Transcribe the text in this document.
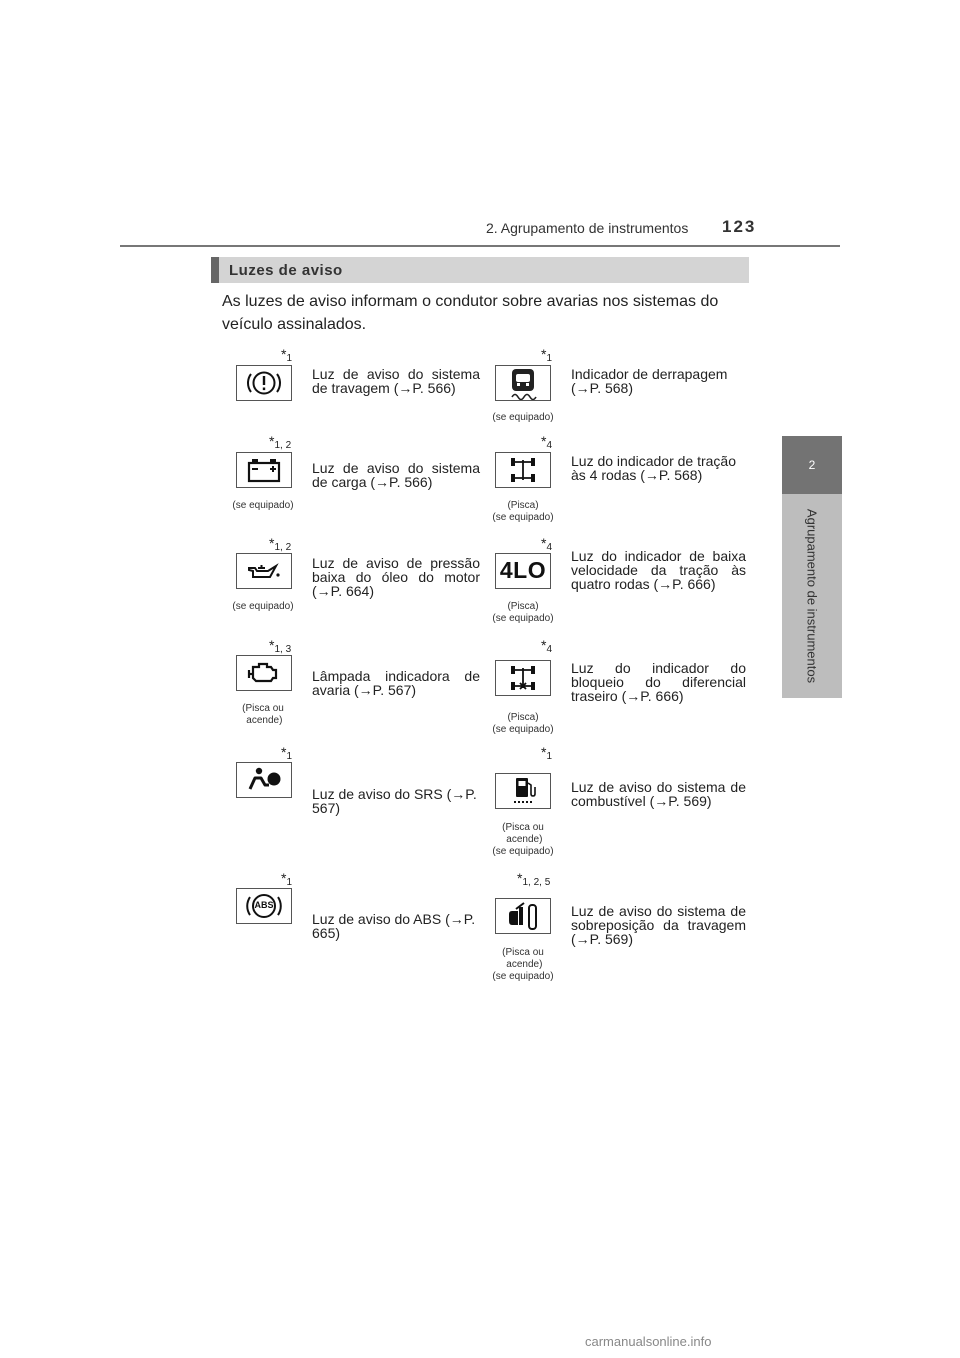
2. Agrupamento de instrumentos 123
2
Agrupamento de instrumentos
Luzes de aviso
As luzes de aviso informam o condutor sobre avarias nos sistemas do veículo assinalados.
$*_1$
Luz de aviso do sistema de travagem (→P. 566)
$*_1$
(se equipado)
Indicador de derrapagem (→P. 568)
$*_{1, 2}$
(se equipado)
Luz de aviso do sistema de carga (→P. 566)
$*_4$
(Pisca)
(se equipado)
Luz do indicador de tração às 4 rodas (→P. 568)
$*_{1, 2}$
(se equipado)
Luz de aviso de pressão baixa do óleo do motor (→P. 664)
$*_4$
4LO
(Pisca)
(se equipado)
Luz do indicador de baixa velocidade da tração às quatro rodas (→P. 666)
$*_{1, 3}$
(Pisca ou
acende)
Lâmpada indicadora de avaria (→P. 567)
$*_4$
(Pisca)
(se equipado)
Luz do indicador do bloqueio do diferencial traseiro (→P. 666)
$*_1$
Luz de aviso do SRS (→P. 567)
$*_1$
(Pisca ou
acende)
(se equipado)
Luz de aviso do sistema de combustível (→P. 569)
$*_1$
ABS
Luz de aviso do ABS (→P. 665)
$*_{1, 2, 5}$
(Pisca ou
acende)
(se equipado)
Luz de aviso do sistema de sobreposição da travagem (→P. 569)
carmanualsonline.info
